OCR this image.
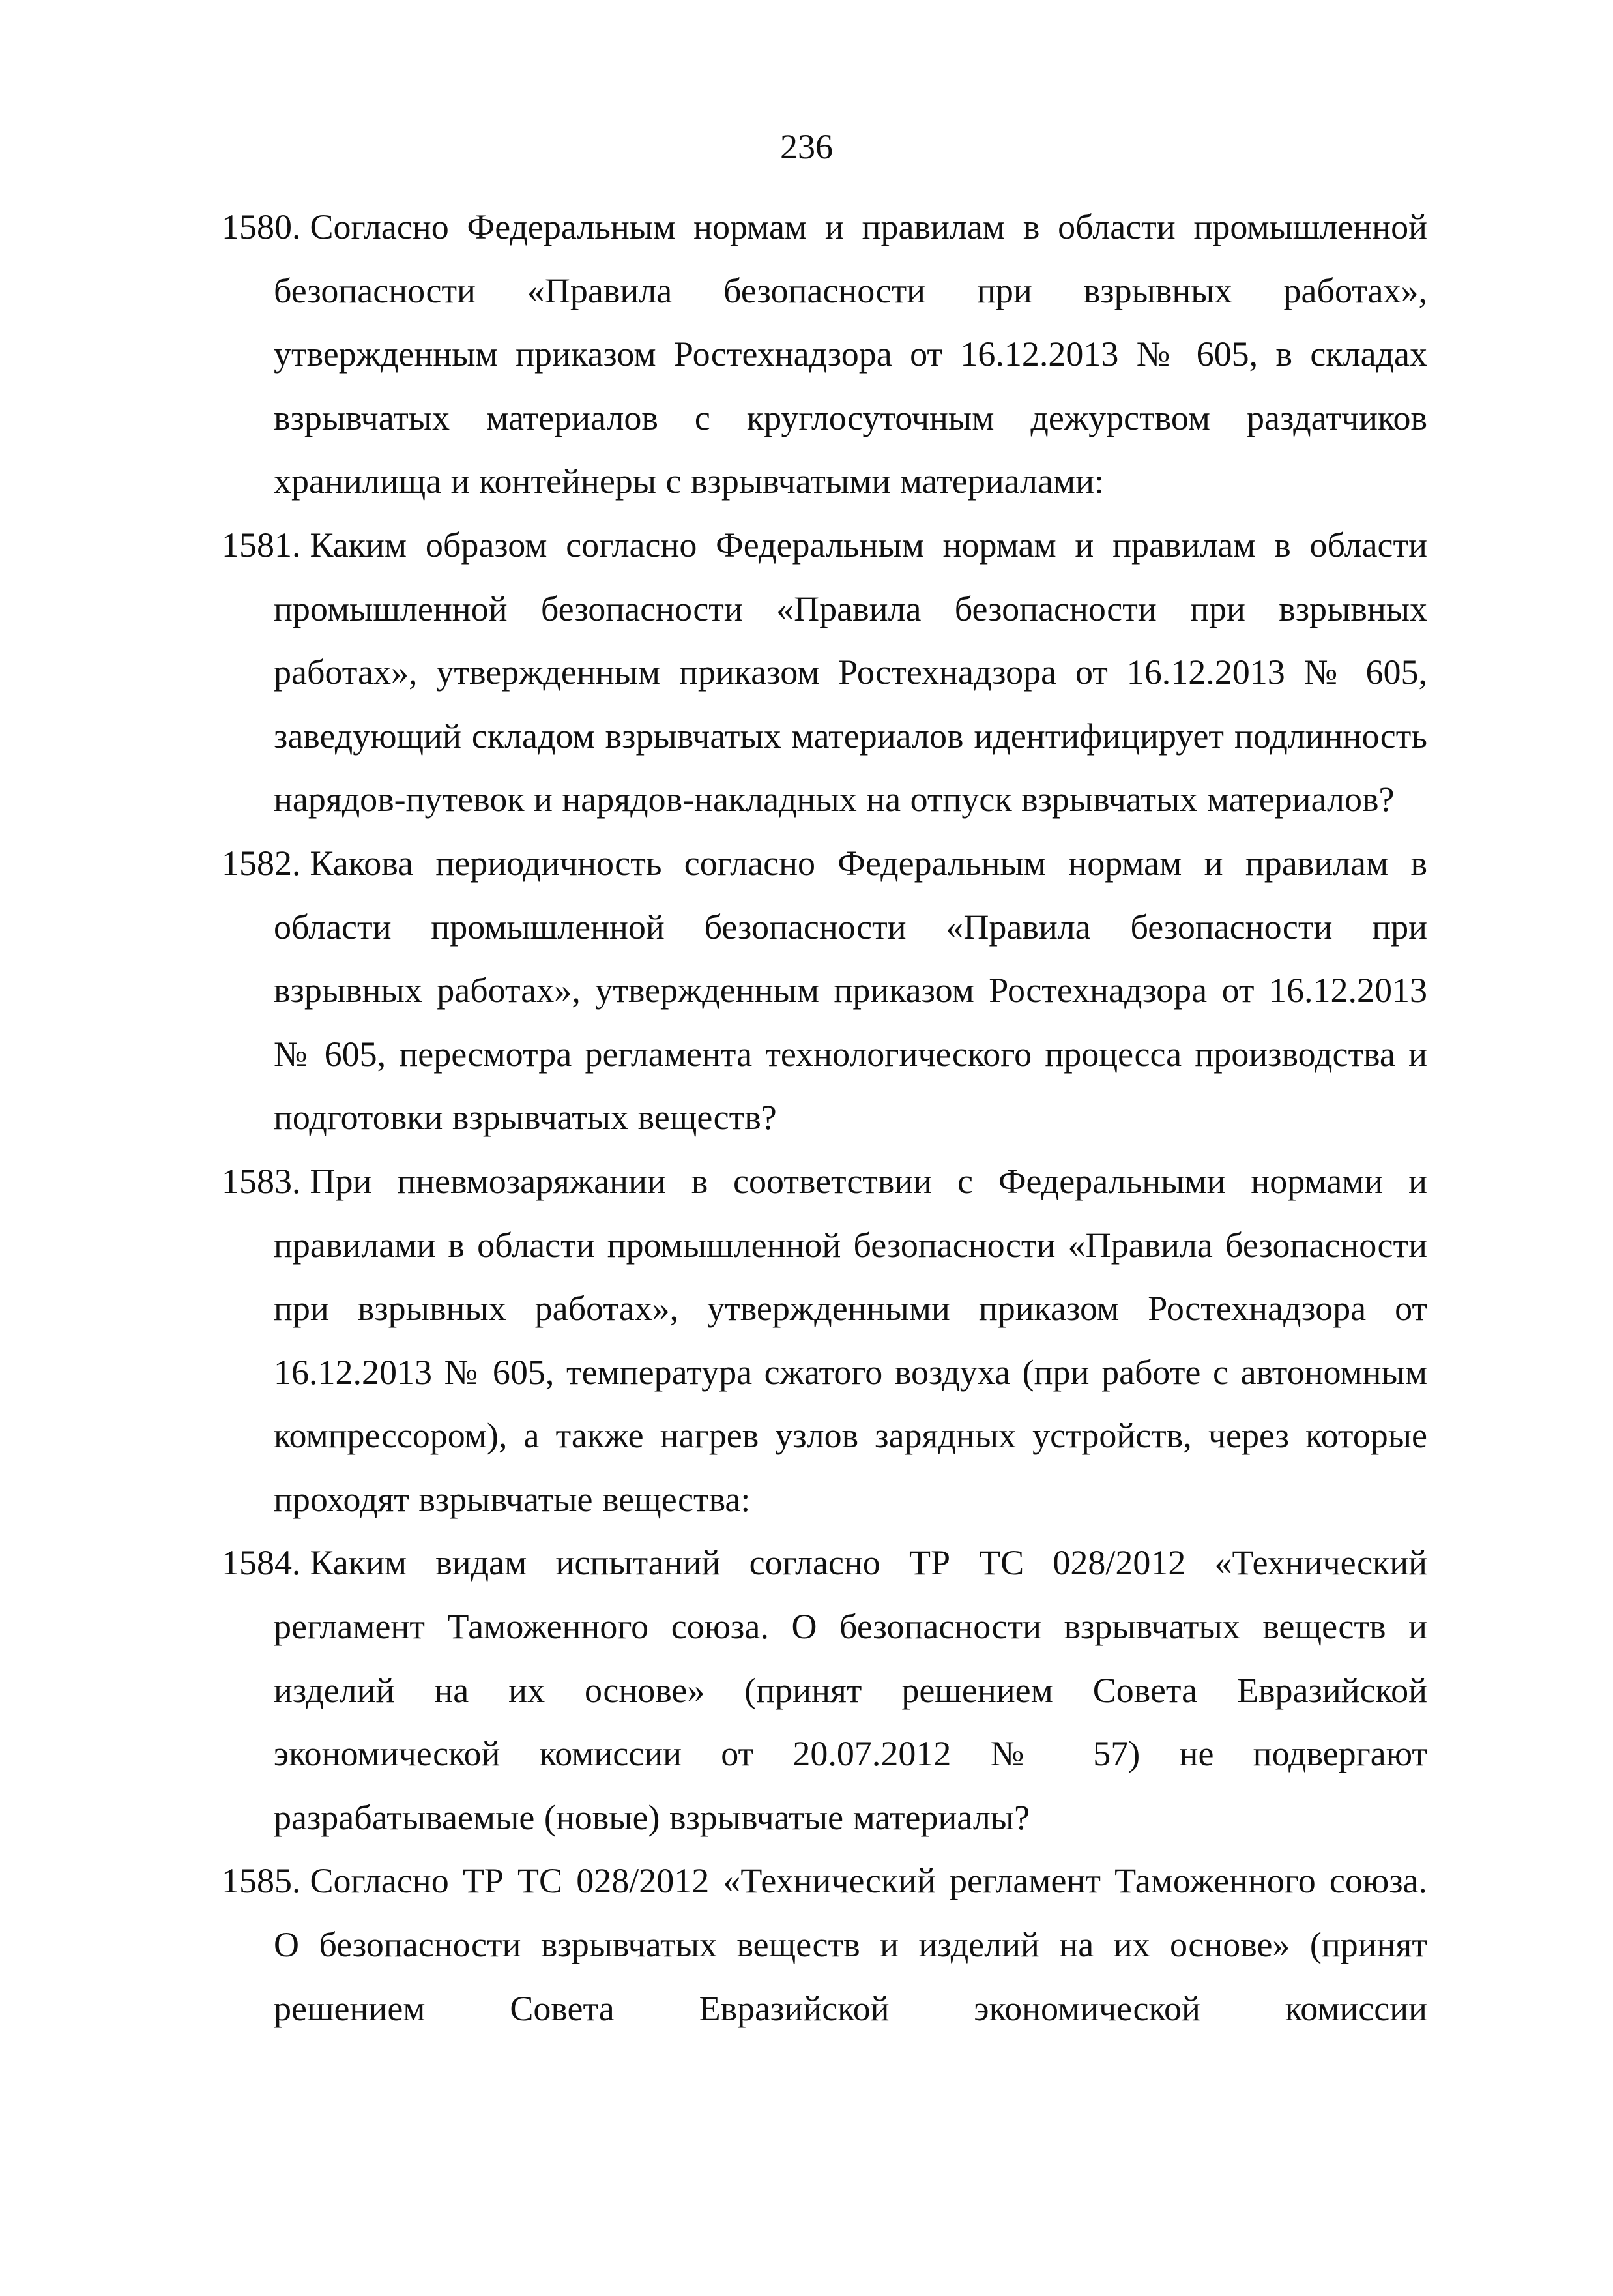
236
1580. Согласно Федеральным нормам и правилам в области промышленной безопасности «Правила безопасности при взрывных работах», утвержденным приказом Ростехнадзора от 16.12.2013 № 605, в складах взрывчатых материалов с круглосуточным дежурством раздатчиков хранилища и контейнеры с взрывчатыми материалами:
1581. Каким образом согласно Федеральным нормам и правилам в области промышленной безопасности «Правила безопасности при взрывных работах», утвержденным приказом Ростехнадзора от 16.12.2013 № 605, заведующий складом взрывчатых материалов идентифицирует подлинность нарядов-путевок и нарядов-накладных на отпуск взрывчатых материалов?
1582. Какова периодичность согласно Федеральным нормам и правилам в области промышленной безопасности «Правила безопасности при взрывных работах», утвержденным приказом Ростехнадзора от 16.12.2013 № 605, пересмотра регламента технологического процесса производства и подготовки взрывчатых веществ?
1583. При пневмозаряжании в соответствии с Федеральными нормами и правилами в области промышленной безопасности «Правила безопасности при взрывных работах», утвержденными приказом Ростехнадзора от 16.12.2013 № 605, температура сжатого воздуха (при работе с автономным компрессором), а также нагрев узлов зарядных устройств, через которые проходят взрывчатые вещества:
1584. Каким видам испытаний согласно ТР ТС 028/2012 «Технический регламент Таможенного союза. О безопасности взрывчатых веществ и изделий на их основе» (принят решением Совета Евразийской экономической комиссии от 20.07.2012 № 57) не подвергают разрабатываемые (новые) взрывчатые материалы?
1585. Согласно ТР ТС 028/2012 «Технический регламент Таможенного союза. О безопасности взрывчатых веществ и изделий на их основе» (принят решением Совета Евразийской экономической комиссии
